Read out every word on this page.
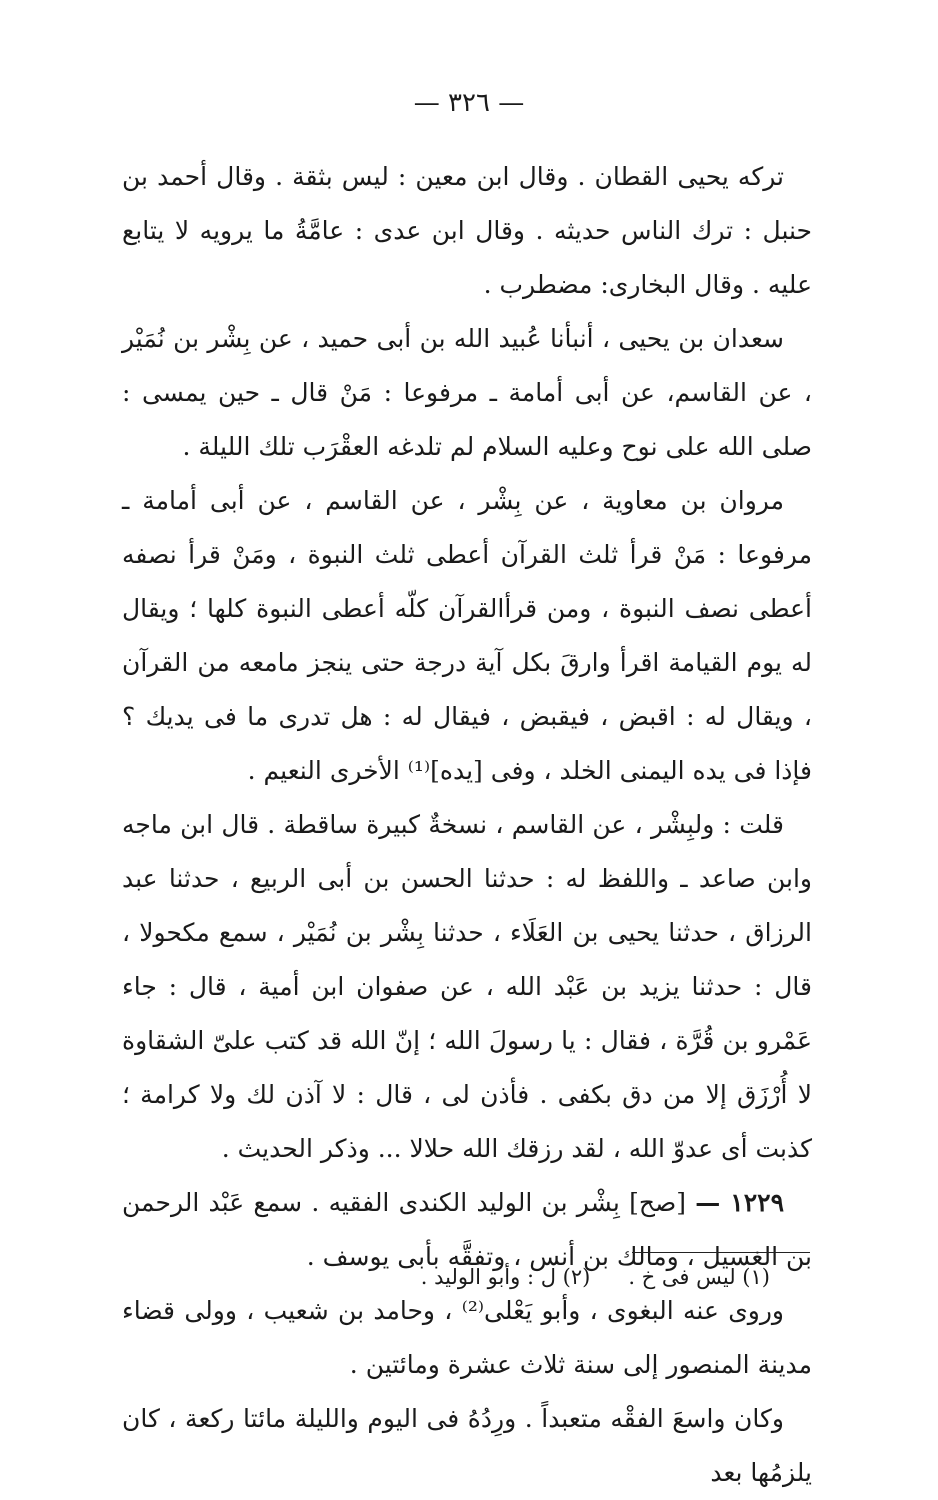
— ٣٢٦ —

تركه يحيى القطان . وقال ابن معين : ليس بثقة . وقال أحمد بن حنبل : ترك الناس حديثه . وقال ابن عدى : عامَّةُ ما يرويه لا يتابع عليه . وقال البخارى: مضطرب .

سعدان بن يحيى ، أنبأنا عُبيد الله بن أبى حميد ، عن بِشْر بن نُمَيْر ، عن القاسم، عن أبى أمامة ـ مرفوعا : مَنْ قال ـ حين يمسى : صلى الله على نوح وعليه السلام لم تلدغه العقْرَب تلك الليلة .

مروان بن معاوية ، عن بِشْر ، عن القاسم ، عن أبى أمامة ـ مرفوعا : مَنْ قرأ ثلث القرآن أعطى ثلث النبوة ، ومَنْ قرأ نصفه أعطى نصف النبوة ، ومن قرأالقرآن كلّه أعطى النبوة كلها ؛ ويقال له يوم القيامة اقرأ وارقَ بكل آية درجة حتى ينجز مامعه من القرآن ، ويقال له : اقبض ، فيقبض ، فيقال له : هل تدرى ما فى يديك ؟ فإذا فى يده اليمنى الخلد ، وفى [يده]⁽¹⁾ الأخرى النعيم .

قلت : ولبِشْر ، عن القاسم ، نسخةٌ كبيرة ساقطة . قال ابن ماجه وابن صاعد ـ واللفظ له : حدثنا الحسن بن أبى الربيع ، حدثنا عبد الرزاق ، حدثنا يحيى بن العَلَاء ، حدثنا بِشْر بن نُمَيْر ، سمع مكحولا ، قال : حدثنا يزيد بن عَبْد الله ، عن صفوان ابن أمية ، قال : جاء عَمْرو بن قُرَّة ، فقال : يا رسولَ الله ؛ إنّ الله قد كتب علىّ الشقاوة لا أُرْزَق إلا من دق بكفى . فأذن لى ، قال : لا آذن لك ولا كرامة ؛ كذبت أى عدوّ الله ، لقد رزقك الله حلالا ... وذكر الحديث .

١٢٢٩ — [صح] بِشْر بن الوليد الكندى الفقيه . سمع عَبْد الرحمن بن الغسيل ، ومالك بن أنس ، وتفقَّه بأبى يوسف .

وروى عنه البغوى ، وأبو يَعْلى⁽²⁾ ، وحامد بن شعيب ، وولى قضاء مدينة المنصور إلى سنة ثلاث عشرة ومائتين .

وكان واسعَ الفقْه متعبداً . ورِدُهُ فى اليوم والليلة مائتا ركعة ، كان يلزمُها بعد

(١) ليس فى خ .(٢) ل : وأبو الوليد .
